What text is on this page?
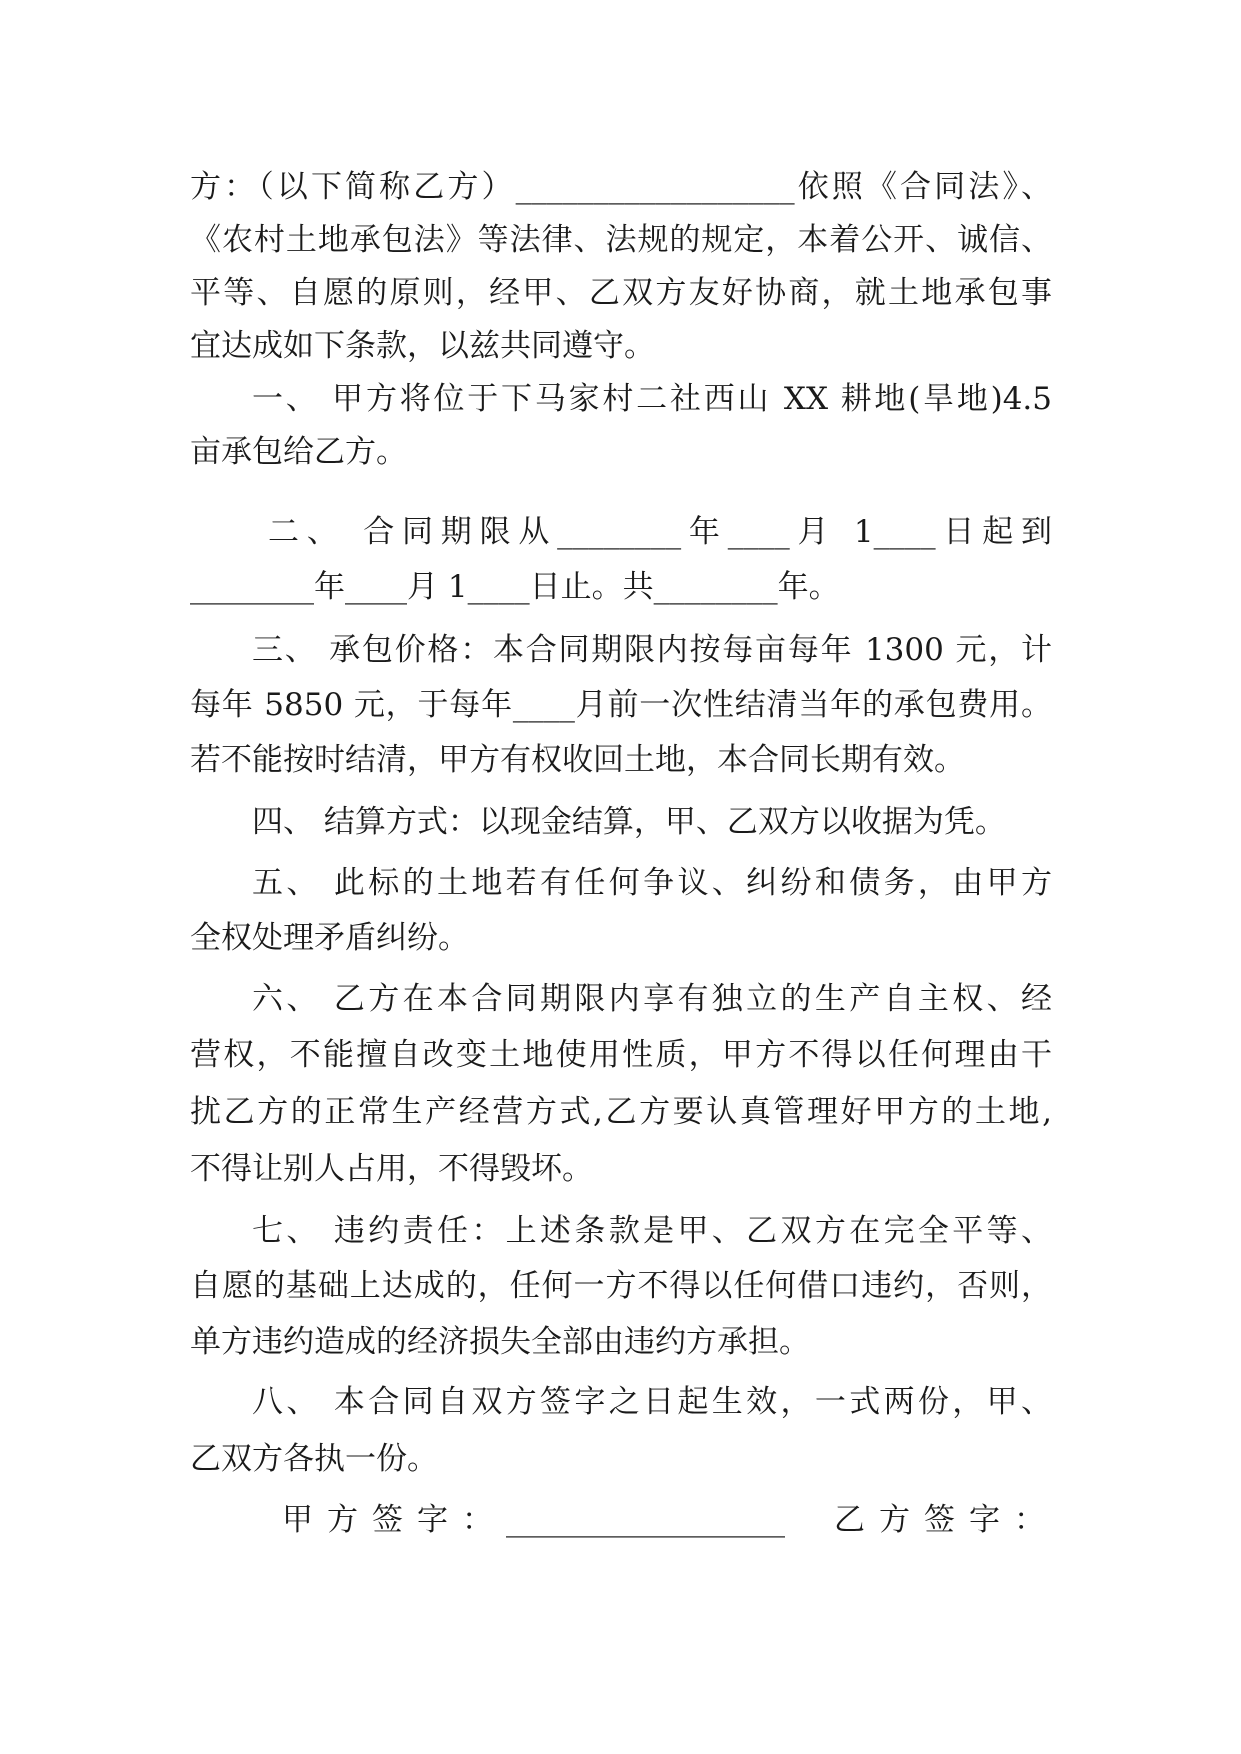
方：（以下简称乙方）__________________依照《合同法》、
《农村土地承包法》等法律、法规的规定，本着公开、诚信、
平等、自愿的原则，经甲、乙双方友好协商，就土地承包事
宜达成如下条款，以兹共同遵守。
一、 甲方将位于下马家村二社西山 XX 耕地(旱地)4.5
亩承包给乙方。
二、 合同期限从________年____月 1____日起到
________年____月 1____日止。共________年。
三、 承包价格：本合同期限内按每亩每年 1300 元，计
每年 5850 元，于每年____月前一次性结清当年的承包费用。
若不能按时结清，甲方有权收回土地，本合同长期有效。
四、 结算方式：以现金结算，甲、乙双方以收据为凭。
五、 此标的土地若有任何争议、纠纷和债务，由甲方
全权处理矛盾纠纷。
六、 乙方在本合同期限内享有独立的生产自主权、经
营权，不能擅自改变土地使用性质，甲方不得以任何理由干
扰乙方的正常生产经营方式,乙方要认真管理好甲方的土地,
不得让别人占用，不得毁坏。
七、 违约责任：上述条款是甲、乙双方在完全平等、
自愿的基础上达成的，任何一方不得以任何借口违约，否则，
单方违约造成的经济损失全部由违约方承担。
八、 本合同自双方签字之日起生效，一式两份，甲、
乙双方各执一份。
甲方签字： __________________	乙方签字：
